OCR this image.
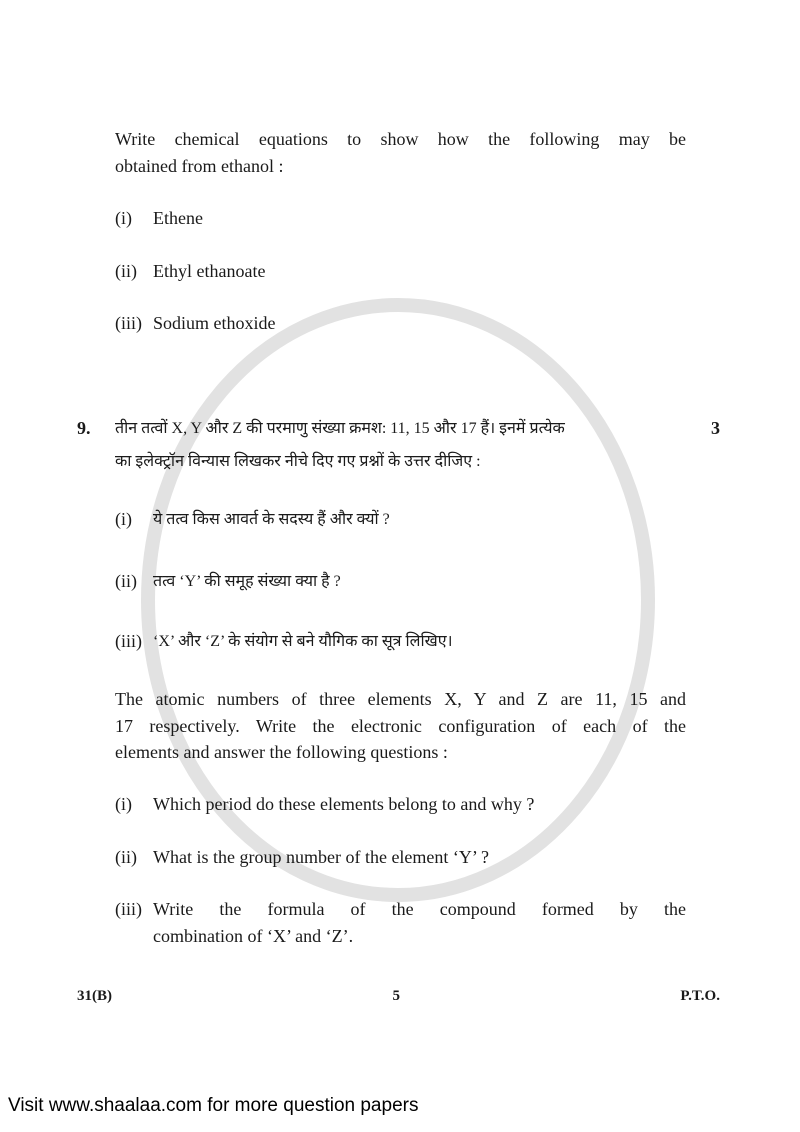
Write chemical equations to show how the following may be
obtained from ethanol :
(i)	Ethene
(ii) Ethyl ethanoate
(iii) Sodium ethoxide
9.	तीन तत्वों X, Y और Z की परमाणु संख्या क्रमश: 11, 15 और 17 हैं। इनमें प्रत्येक	3
का इलेक्ट्रॉन विन्यास लिखकर नीचे दिए गए प्रश्नों के उत्तर दीजिए :
(i)	ये तत्व किस आवर्त के सदस्य हैं और क्यों ?
(ii)	तत्व ‘Y’ की समूह संख्या क्या है ?
(iii) ‘X’ और ‘Z’ के संयोग से बने यौगिक का सूत्र लिखिए।
The atomic numbers of three elements X, Y and Z are 11, 15 and
17 respectively. Write the electronic configuration of each of the
elements and answer the following questions :
(i)	Which period do these elements belong to and why ?
(ii) What is the group number of the element ‘Y’ ?
(iii) Write the formula of the compound formed by the
combination of ‘X’ and ‘Z’.
31(B)	5	P.T.O.
Visit www.shaalaa.com for more question papers
